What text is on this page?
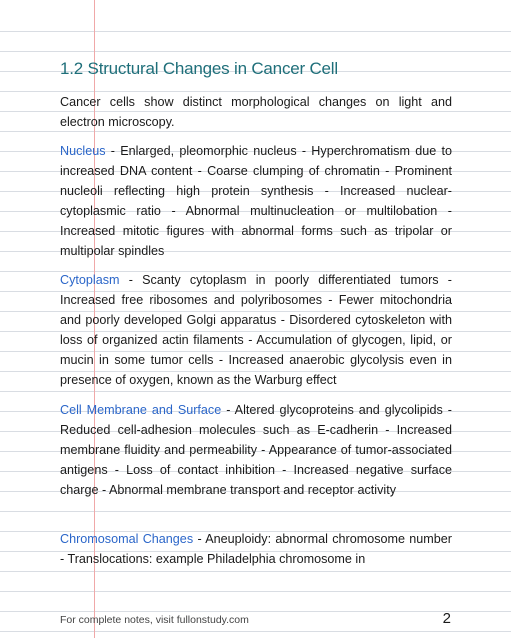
1.2 Structural Changes in Cancer Cell

Cancer cells show distinct morphological changes on light and electron microscopy.

Nucleus - Enlarged, pleomorphic nucleus - Hyperchromatism due to increased DNA content - Coarse clumping of chromatin - Prominent nucleoli reflecting high protein synthesis - Increased nuclear-cytoplasmic ratio - Abnormal multinucleation or multilobation - Increased mitotic figures with abnormal forms such as tripolar or multipolar spindles

Cytoplasm - Scanty cytoplasm in poorly differentiated tumors - Increased free ribosomes and polyribosomes - Fewer mitochondria and poorly developed Golgi apparatus - Disordered cytoskeleton with loss of organized actin filaments - Accumulation of glycogen, lipid, or mucin in some tumor cells - Increased anaerobic glycolysis even in presence of oxygen, known as the Warburg effect

Cell Membrane and Surface - Altered glycoproteins and glycolipids - Reduced cell-adhesion molecules such as E-cadherin - Increased membrane fluidity and permeability - Appearance of tumor-associated antigens - Loss of contact inhibition - Increased negative surface charge - Abnormal membrane transport and receptor activity

Chromosomal Changes - Aneuploidy: abnormal chromosome number - Translocations: example Philadelphia chromosome in

For complete notes, visit fullonstudy.com	2
